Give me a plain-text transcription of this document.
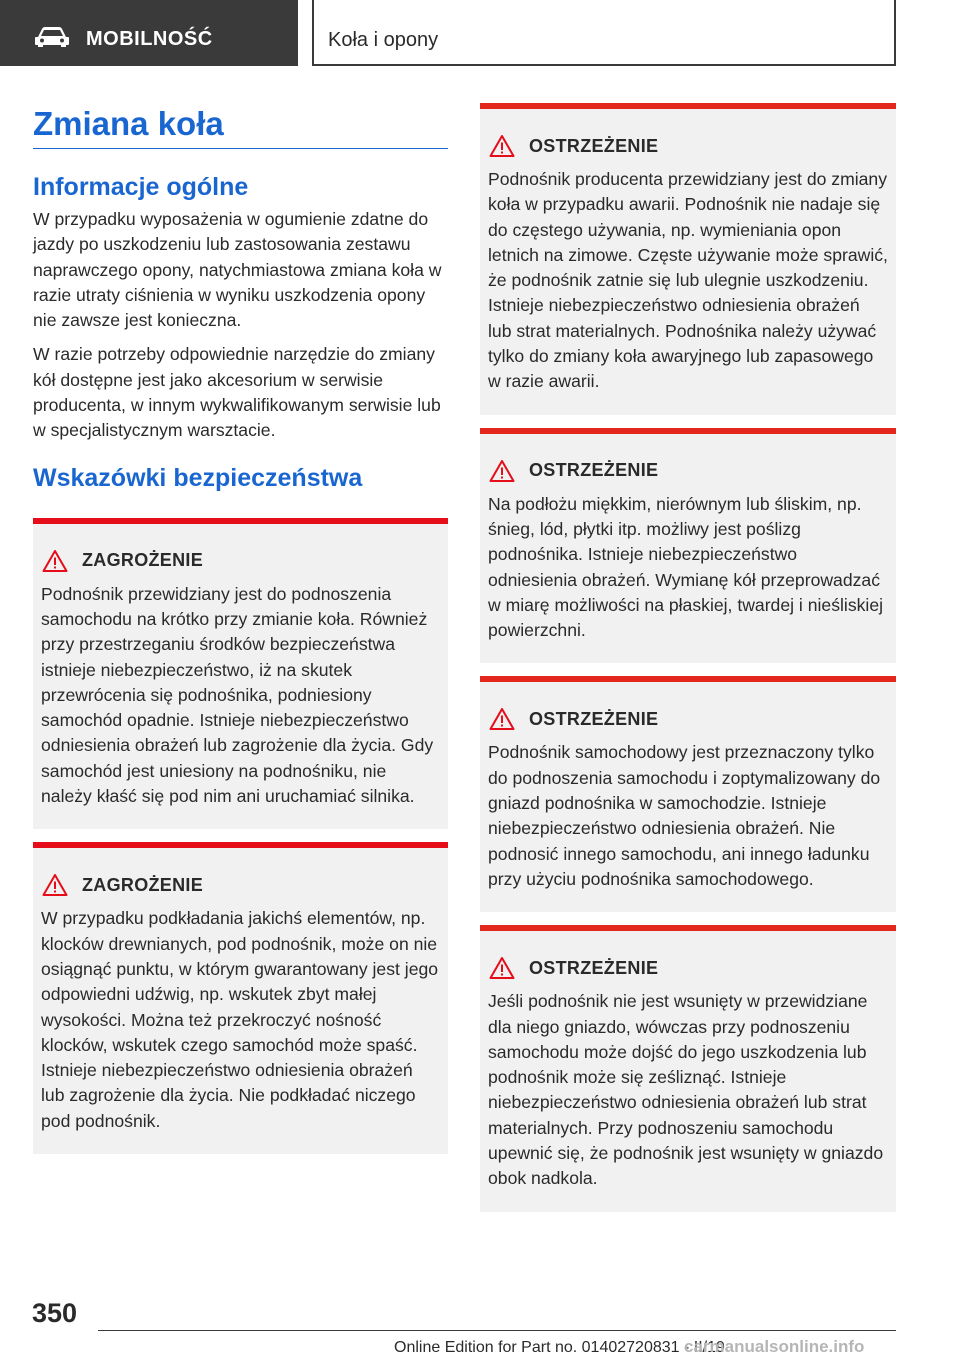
MOBILNOŚĆ	Koła i opony
Zmiana koła
Informacje ogólne

W przypadku wyposażenia w ogumienie zdatne do jazdy po uszkodzeniu lub zastosowania zestawu naprawczego opony, natychmiastowa zmiana koła w razie utraty ciśnienia w wyniku uszkodzenia opony nie zawsze jest konieczna.

W razie potrzeby odpowiednie narzędzie do zmiany kół dostępne jest jako akcesorium w serwisie producenta, w innym wykwalifikowanym serwisie lub w specjalistycznym warsztacie.

Wskazówki bezpieczeństwa
ZAGROŻENIE

Podnośnik przewidziany jest do podnoszenia samochodu na krótko przy zmianie koła. Również przy przestrzeganiu środków bezpieczeństwa istnieje niebezpieczeństwo, iż na skutek przewrócenia się podnośnika, podniesiony samochód opadnie. Istnieje niebezpieczeństwo odniesienia obrażeń lub zagrożenie dla życia. Gdy samochód jest uniesiony na podnośniku, nie należy kłaść się pod nim ani uruchamiać silnika.

ZAGROŻENIE

W przypadku podkładania jakichś elementów, np. klocków drewnianych, pod podnośnik, może on nie osiągnąć punktu, w którym gwarantowany jest jego odpowiedni udźwig, np. wskutek zbyt małej wysokości. Można też przekroczyć nośność klocków, wskutek czego samochód może spaść. Istnieje niebezpieczeństwo odniesienia obrażeń lub zagrożenie dla życia. Nie podkładać niczego pod podnośnik.

OSTRZEŻENIE

Podnośnik producenta przewidziany jest do zmiany koła w przypadku awarii. Podnośnik nie nadaje się do częstego używania, np. wymieniania opon letnich na zimowe. Częste używanie może sprawić, że podnośnik zatnie się lub ulegnie uszkodzeniu. Istnieje niebezpieczeństwo odniesienia obrażeń lub strat materialnych. Podnośnika należy używać tylko do zmiany koła awaryjnego lub zapasowego w razie awarii.

OSTRZEŻENIE

Na podłożu miękkim, nierównym lub śliskim, np. śnieg, lód, płytki itp. możliwy jest poślizg podnośnika. Istnieje niebezpieczeństwo odniesienia obrażeń. Wymianę kół przeprowadzać w miarę możliwości na płaskiej, twardej i nieśliskiej powierzchni.

OSTRZEŻENIE

Podnośnik samochodowy jest przeznaczony tylko do podnoszenia samochodu i zoptymalizowany do gniazd podnośnika w samochodzie. Istnieje niebezpieczeństwo odniesienia obrażeń. Nie podnosić innego samochodu, ani innego ładunku przy użyciu podnośnika samochodowego.

OSTRZEŻENIE

Jeśli podnośnik nie jest wsunięty w przewidziane dla niego gniazdo, wówczas przy podnoszeniu samochodu może dojść do jego uszkodzenia lub podnośnik może się ześliznąć. Istnieje niebezpieczeństwo odniesienia obrażeń lub strat materialnych. Przy podnoszeniu samochodu upewnić się, że podnośnik jest wsunięty w gniazdo obok nadkola.

350
Online Edition for Part no. 01402720831 - II/19
carmanualsonline.info
